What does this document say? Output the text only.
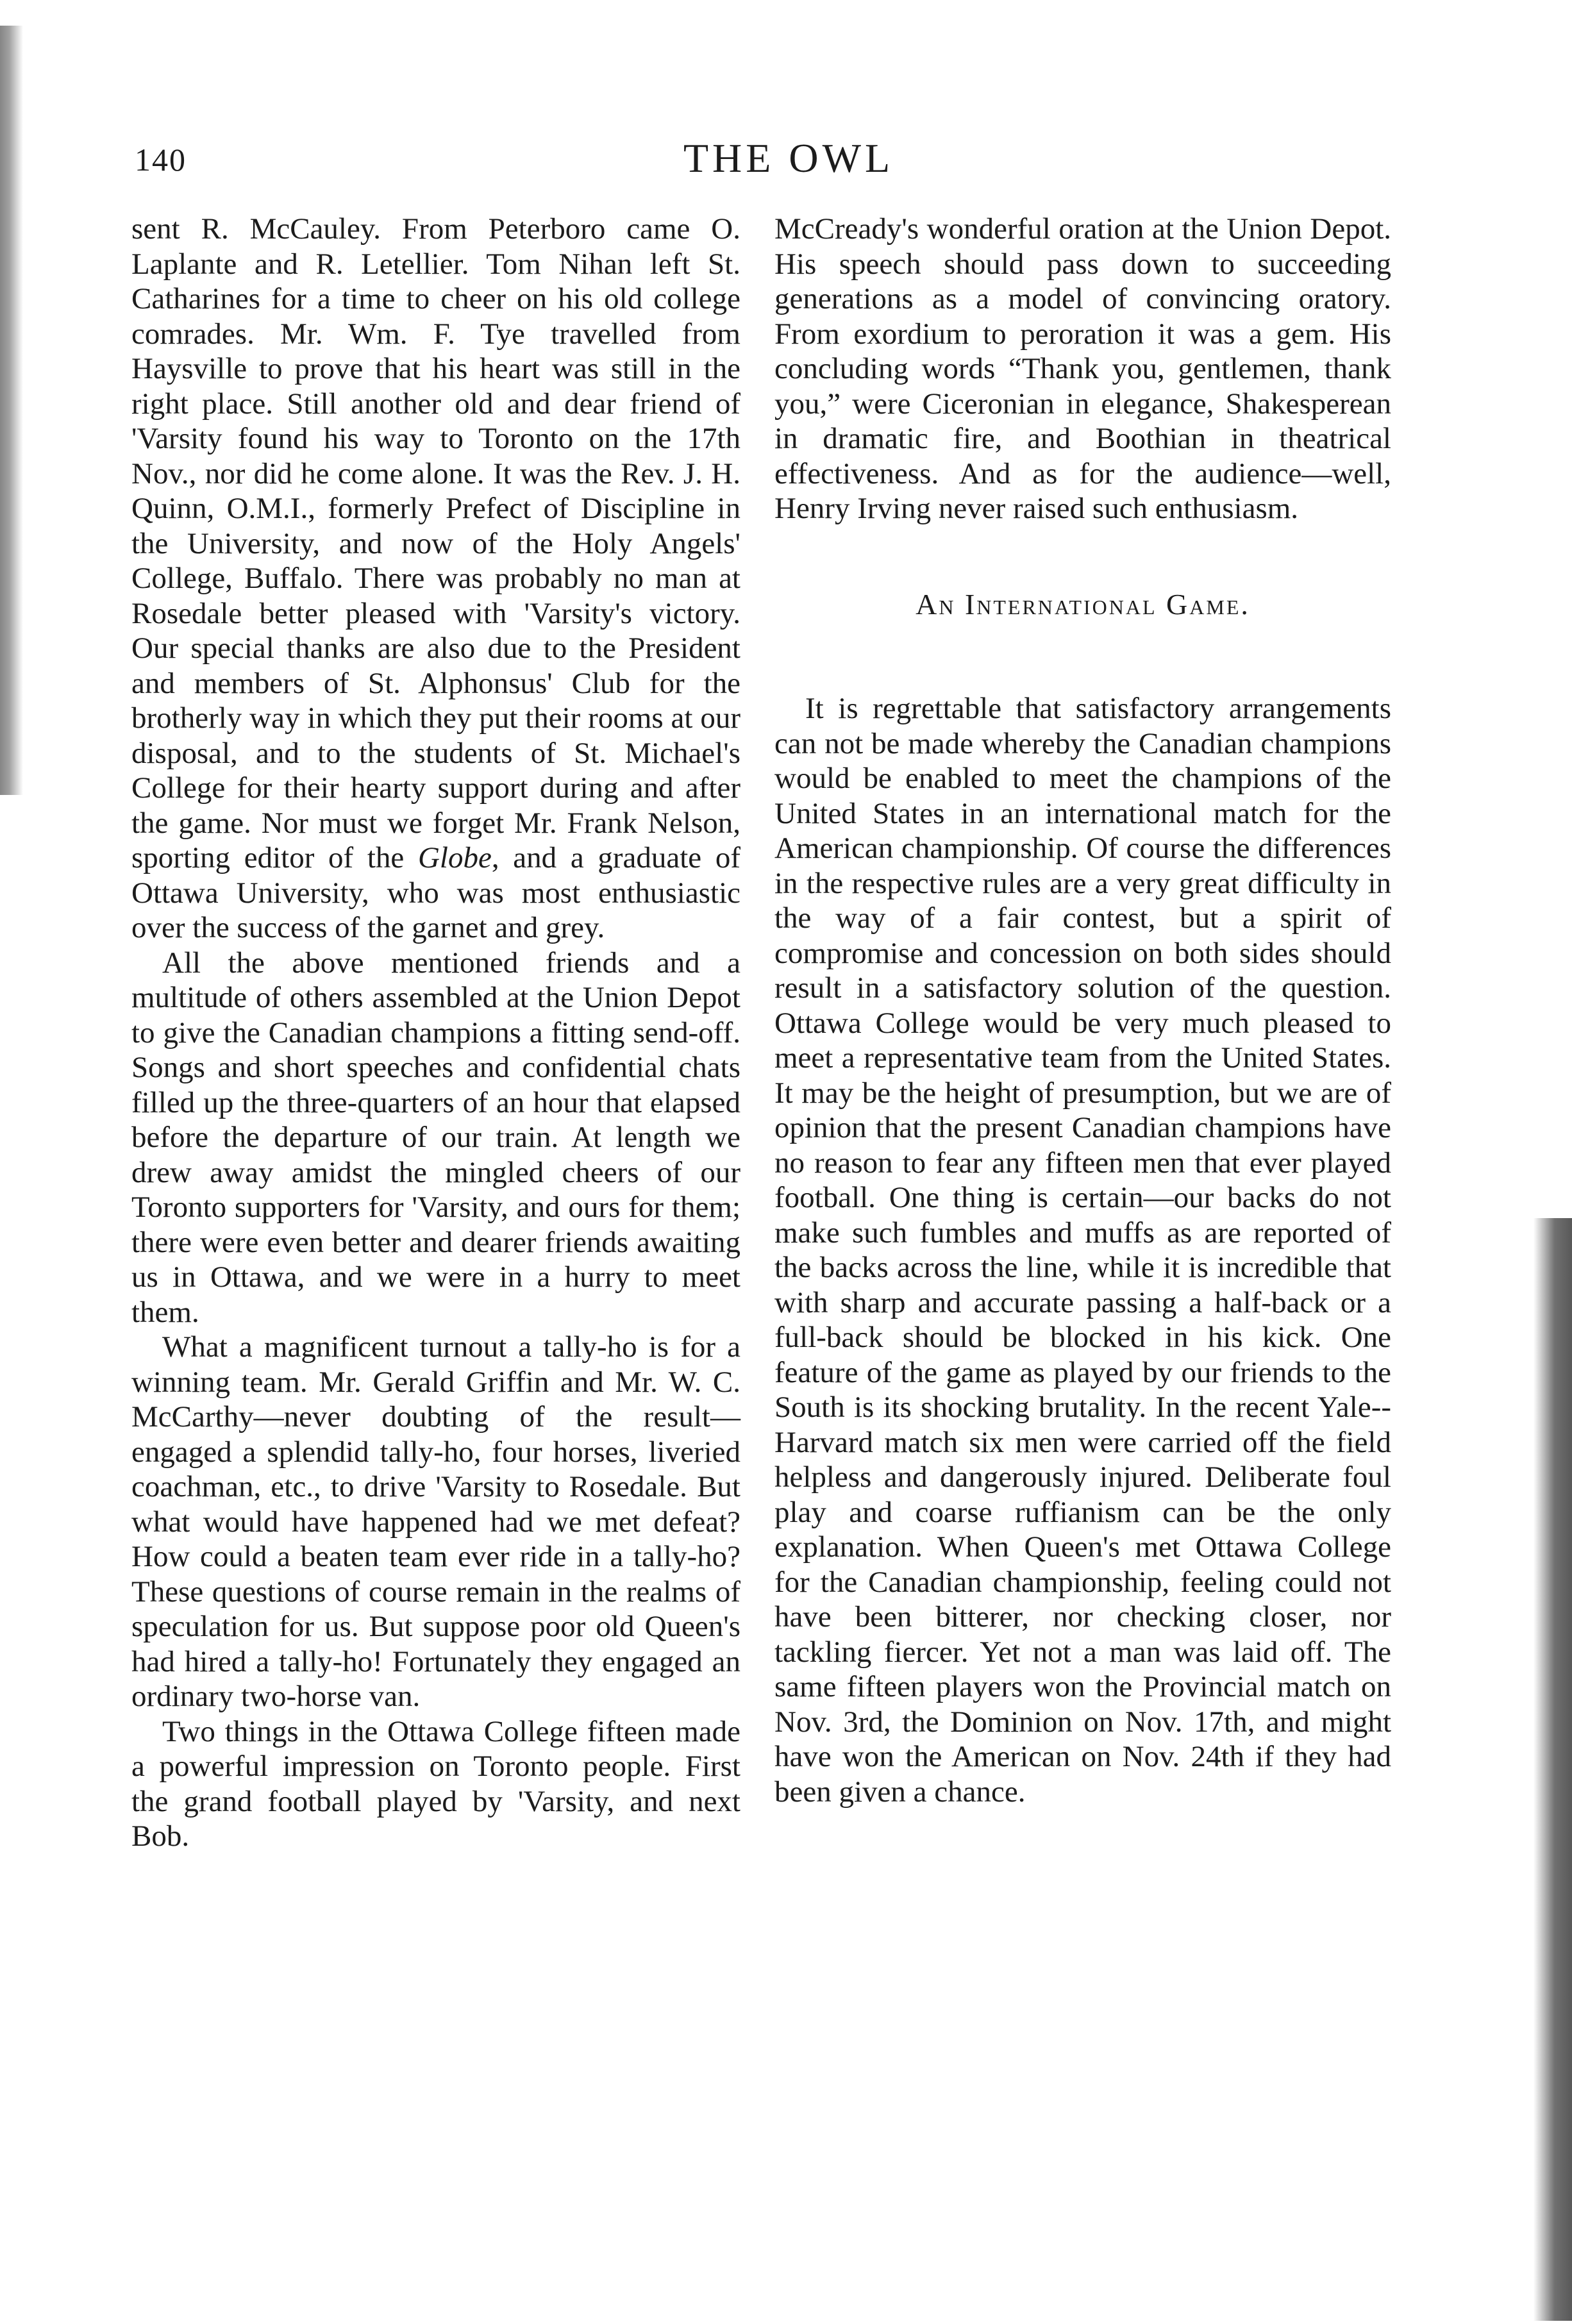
140	THE OWL

sent R. McCauley. From Peterboro came O. Laplante and R. Letellier. Tom Nihan left St. Catharines for a time to cheer on his old college comrades. Mr. Wm. F. Tye travelled from Haysville to prove that his heart was still in the right place. Still another old and dear friend of 'Varsity found his way to Toronto on the 17th Nov., nor did he come alone. It was the Rev. J. H. Quinn, O.M.I., formerly Prefect of Discipline in the University, and now of the Holy Angels' College, Buffalo. There was probably no man at Rosedale better pleased with 'Varsity's victory. Our special thanks are also due to the President and members of St. Alphonsus' Club for the brotherly way in which they put their rooms at our disposal, and to the students of St. Michael's College for their hearty support during and after the game. Nor must we forget Mr. Frank Nelson, sporting editor of the Globe, and a graduate of Ottawa University, who was most enthusiastic over the success of the garnet and grey.

All the above mentioned friends and a multitude of others assembled at the Union Depot to give the Canadian champions a fitting send-off. Songs and short speeches and confidential chats filled up the three-quarters of an hour that elapsed before the departure of our train. At length we drew away amidst the mingled cheers of our Toronto supporters for 'Varsity, and ours for them; there were even better and dearer friends awaiting us in Ottawa, and we were in a hurry to meet them.

What a magnificent turnout a tally-ho is for a winning team. Mr. Gerald Griffin and Mr. W. C. McCarthy—never doubting of the result—engaged a splendid tally-ho, four horses, liveried coachman, etc., to drive 'Varsity to Rosedale. But what would have happened had we met defeat? How could a beaten team ever ride in a tally-ho? These questions of course remain in the realms of speculation for us. But suppose poor old Queen's had hired a tally-ho! Fortunately they engaged an ordinary two-horse van.

Two things in the Ottawa College fifteen made a powerful impression on Toronto people. First the grand football played by 'Varsity, and next Bob.

McCready's wonderful oration at the Union Depot. His speech should pass down to succeeding generations as a model of convincing oratory. From exordium to peroration it was a gem. His concluding words “Thank you, gentlemen, thank you,” were Ciceronian in elegance, Shakesperean in dramatic fire, and Boothian in theatrical effectiveness. And as for the audience—well, Henry Irving never raised such enthusiasm.

An International Game.

It is regrettable that satisfactory arrangements can not be made whereby the Canadian champions would be enabled to meet the champions of the United States in an international match for the American championship. Of course the differences in the respective rules are a very great difficulty in the way of a fair contest, but a spirit of compromise and concession on both sides should result in a satisfactory solution of the question. Ottawa College would be very much pleased to meet a representative team from the United States. It may be the height of presumption, but we are of opinion that the present Canadian champions have no reason to fear any fifteen men that ever played football. One thing is certain—our backs do not make such fumbles and muffs as are reported of the backs across the line, while it is incredible that with sharp and accurate passing a half-back or a full-back should be blocked in his kick. One feature of the game as played by our friends to the South is its shocking brutality. In the recent Yale--Harvard match six men were carried off the field helpless and dangerously injured. Deliberate foul play and coarse ruffianism can be the only explanation. When Queen's met Ottawa College for the Canadian championship, feeling could not have been bitterer, nor checking closer, nor tackling fiercer. Yet not a man was laid off. The same fifteen players won the Provincial match on Nov. 3rd, the Dominion on Nov. 17th, and might have won the American on Nov. 24th if they had been given a chance.
